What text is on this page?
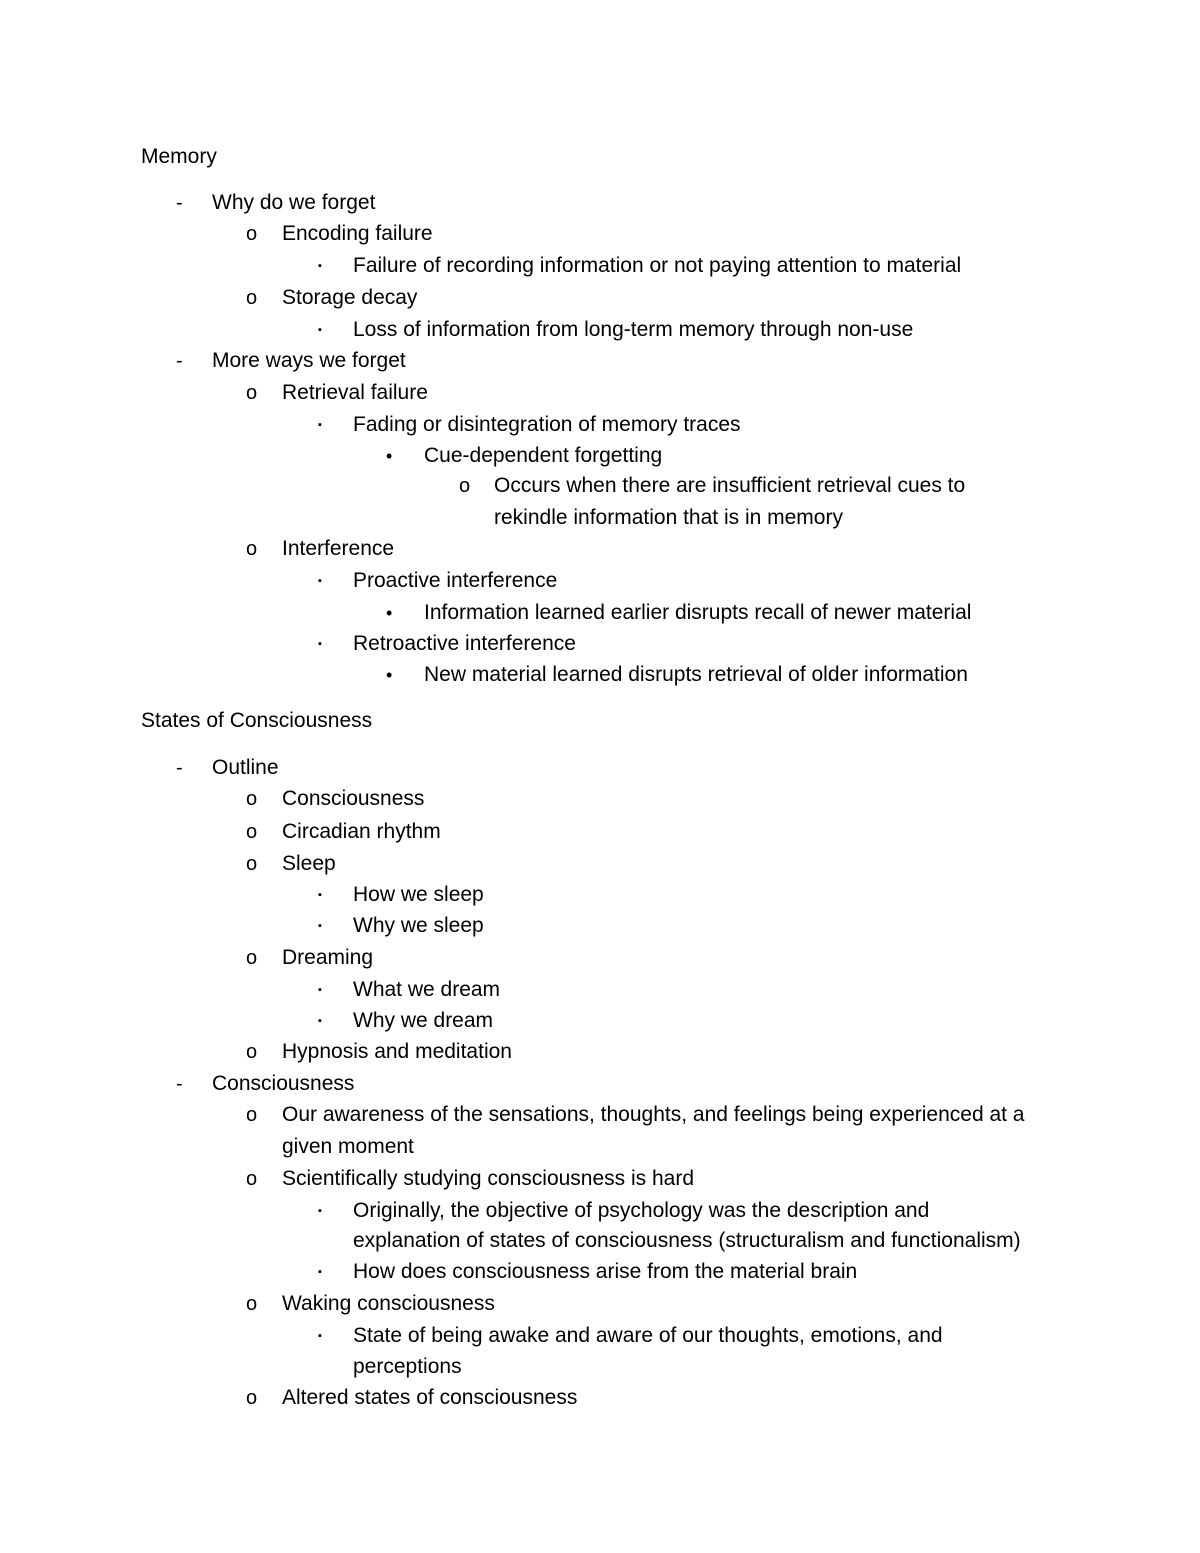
Memory
- Why do we forget
o Encoding failure
▪ Failure of recording information or not paying attention to material
o Storage decay
▪ Loss of information from long-term memory through non-use
- More ways we forget
o Retrieval failure
▪ Fading or disintegration of memory traces
• Cue-dependent forgetting
o Occurs when there are insufficient retrieval cues to
rekindle information that is in memory
o Interference
▪ Proactive interference
• Information learned earlier disrupts recall of newer material
▪ Retroactive interference
• New material learned disrupts retrieval of older information
States of Consciousness
- Outline
o Consciousness
o Circadian rhythm
o Sleep
▪ How we sleep
▪ Why we sleep
o Dreaming
▪ What we dream
▪ Why we dream
o Hypnosis and meditation
- Consciousness
o Our awareness of the sensations, thoughts, and feelings being experienced at a
given moment
o Scientifically studying consciousness is hard
▪ Originally, the objective of psychology was the description and
explanation of states of consciousness (structuralism and functionalism)
▪ How does consciousness arise from the material brain
o Waking consciousness
▪ State of being awake and aware of our thoughts, emotions, and
perceptions
o Altered states of consciousness
